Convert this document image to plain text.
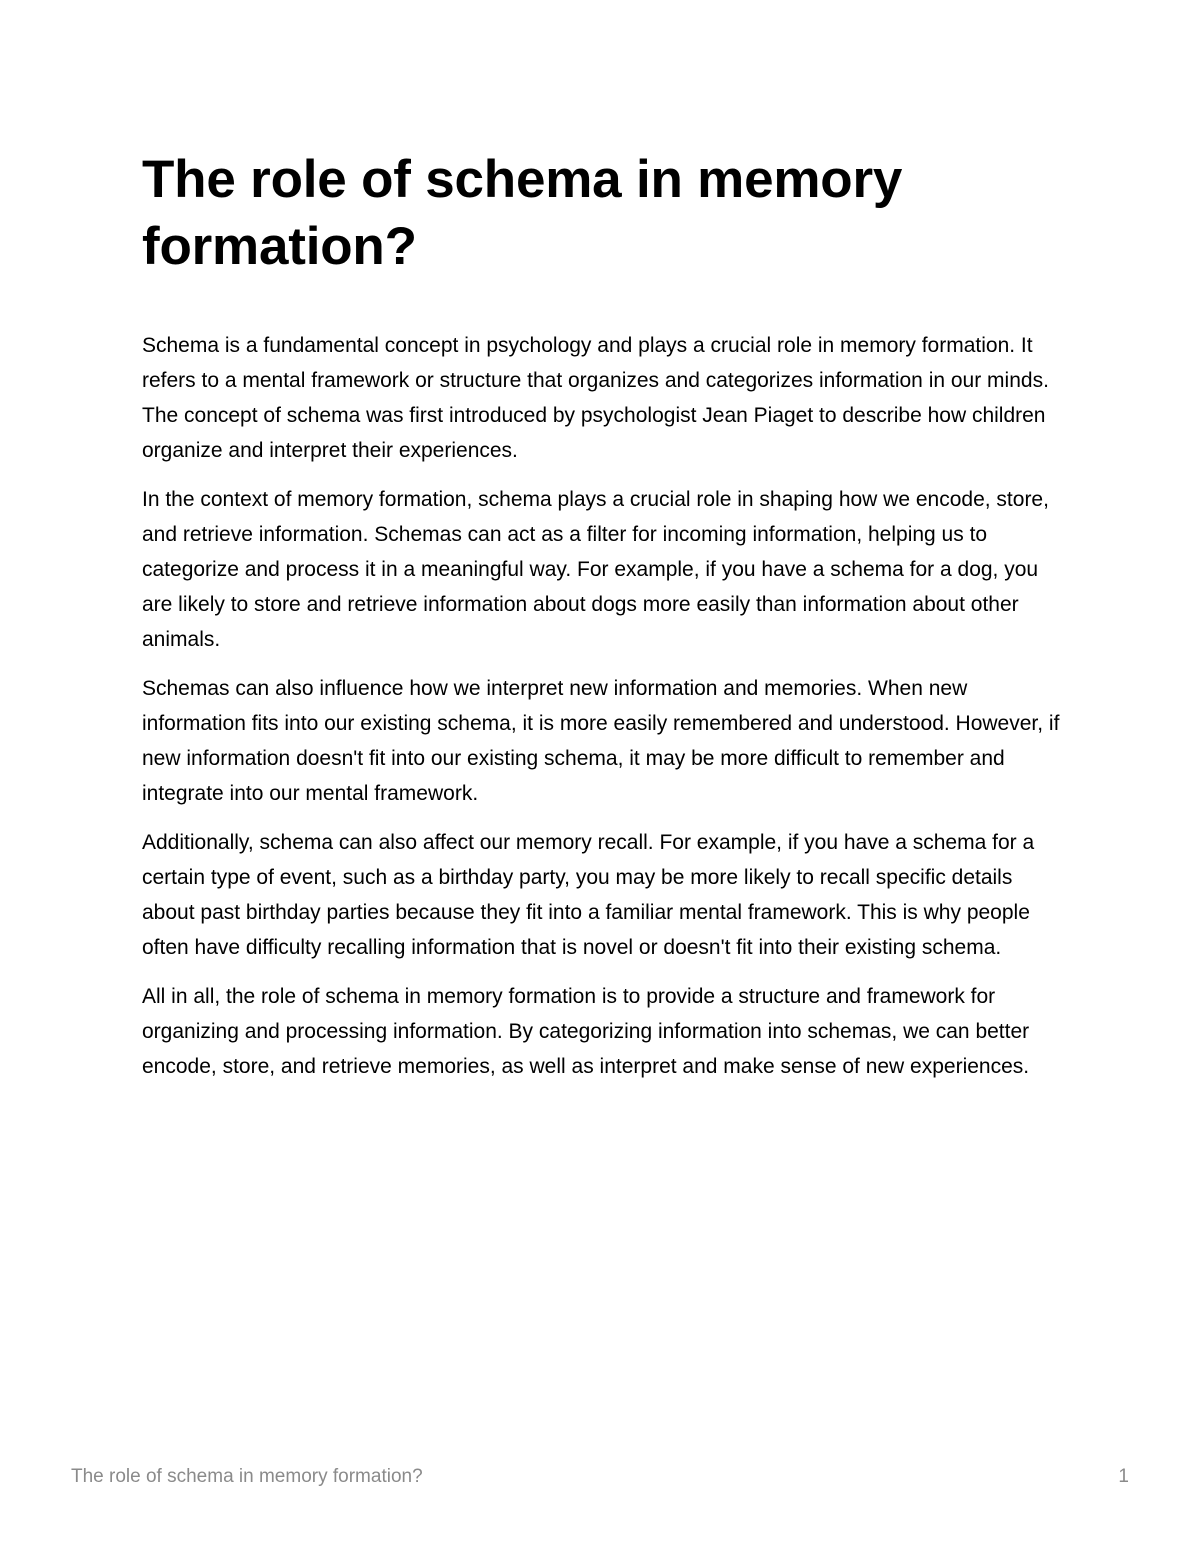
The role of schema in memory formation?

Schema is a fundamental concept in psychology and plays a crucial role in memory formation. It refers to a mental framework or structure that organizes and categorizes information in our minds. The concept of schema was first introduced by psychologist Jean Piaget to describe how children organize and interpret their experiences.

In the context of memory formation, schema plays a crucial role in shaping how we encode, store, and retrieve information. Schemas can act as a filter for incoming information, helping us to categorize and process it in a meaningful way. For example, if you have a schema for a dog, you are likely to store and retrieve information about dogs more easily than information about other animals.

Schemas can also influence how we interpret new information and memories. When new information fits into our existing schema, it is more easily remembered and understood. However, if new information doesn't fit into our existing schema, it may be more difficult to remember and integrate into our mental framework.

Additionally, schema can also affect our memory recall. For example, if you have a schema for a certain type of event, such as a birthday party, you may be more likely to recall specific details about past birthday parties because they fit into a familiar mental framework. This is why people often have difficulty recalling information that is novel or doesn't fit into their existing schema.

All in all, the role of schema in memory formation is to provide a structure and framework for organizing and processing information. By categorizing information into schemas, we can better encode, store, and retrieve memories, as well as interpret and make sense of new experiences.

The role of schema in memory formation?	1
